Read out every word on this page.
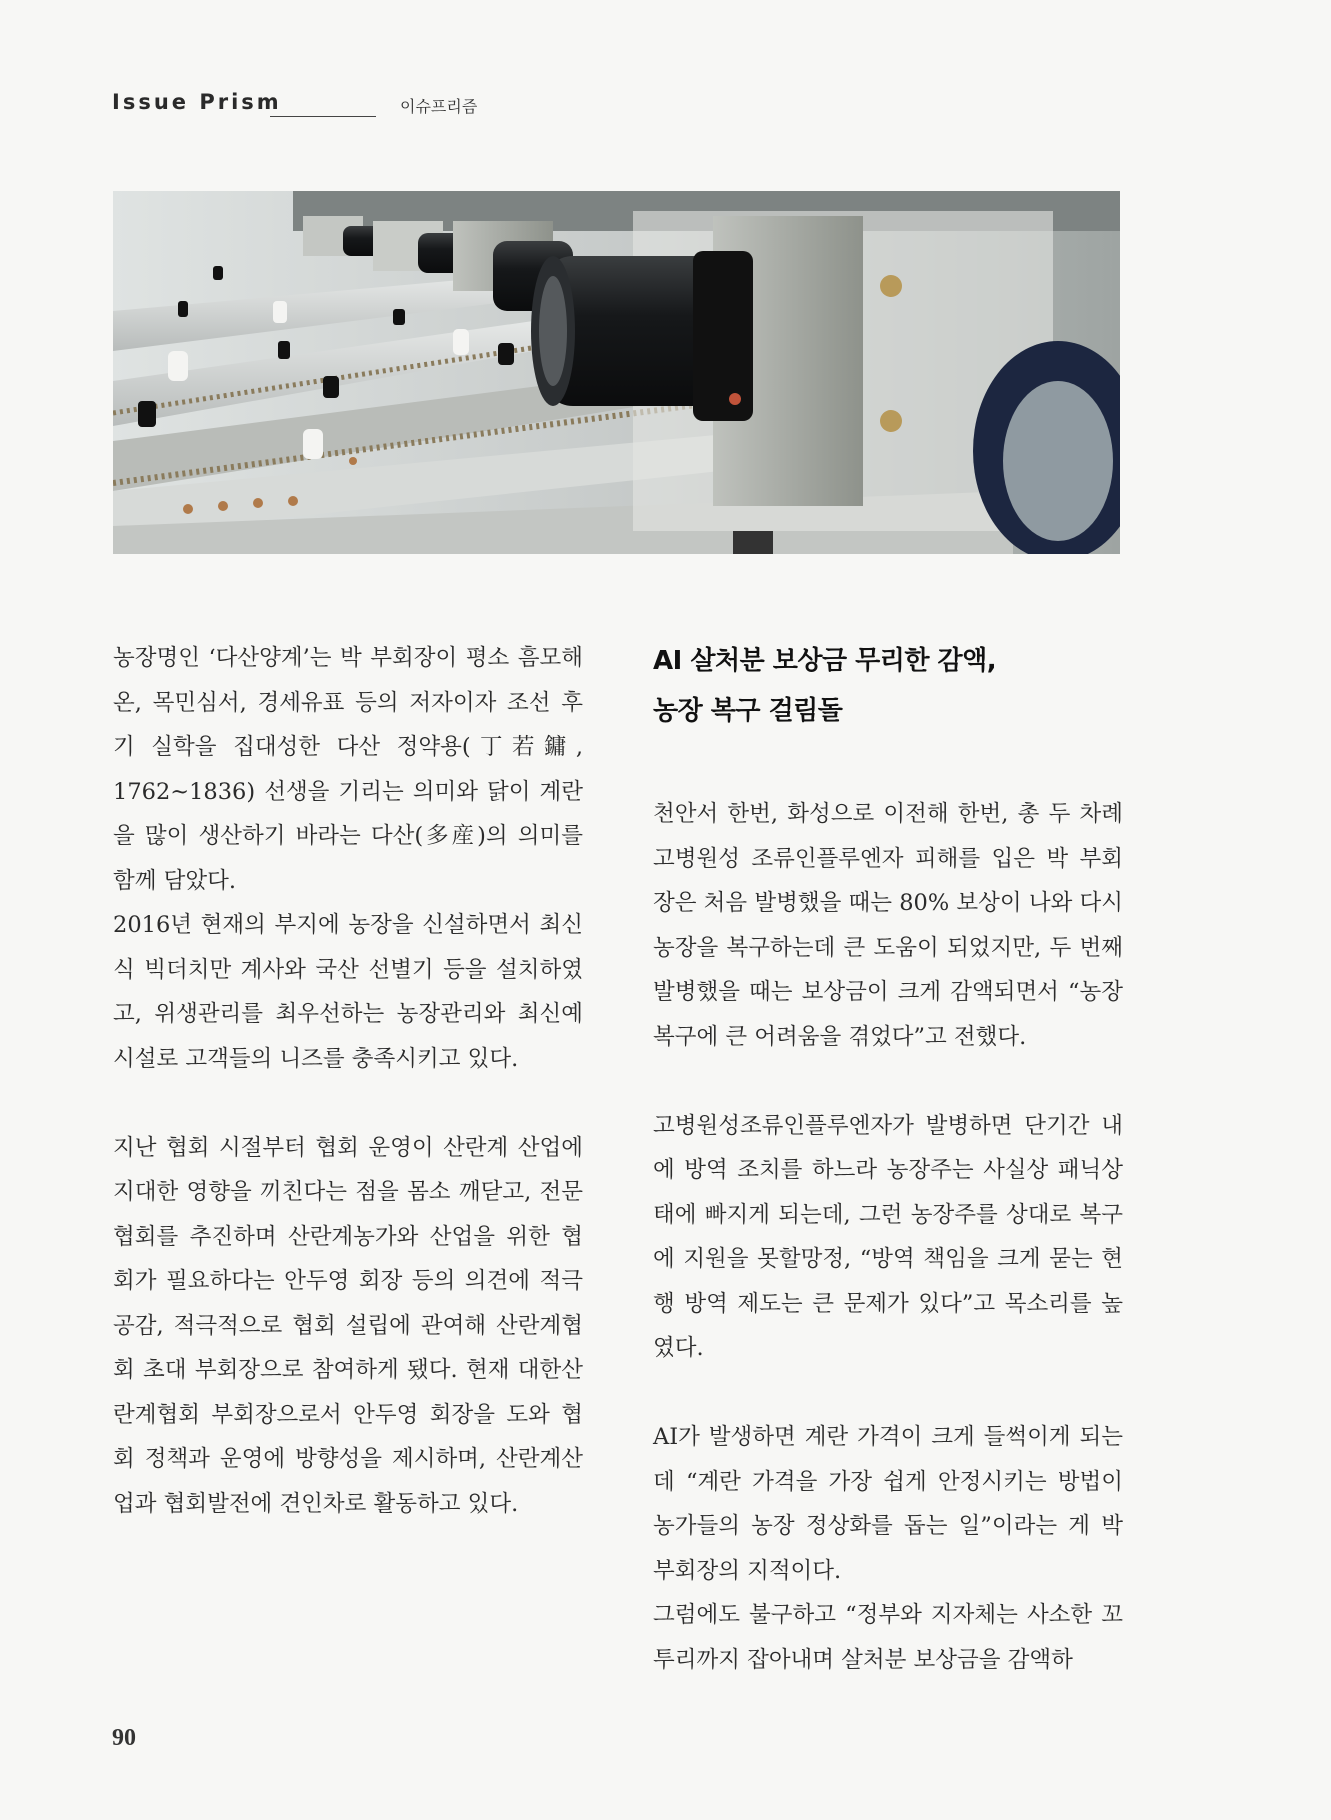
Issue Prism	이슈프리즘

농장명인 ‘다산양계’는 박 부회장이 평소 흠모해 온, 목민심서, 경세유표 등의 저자이자 조선 후기 실학을 집대성한 다산 정약용(丁若鏞, 1762~1836) 선생을 기리는 의미와 닭이 계란을 많이 생산하기 바라는 다산(多産)의 의미를 함께 담았다.

2016년 현재의 부지에 농장을 신설하면서 최신식 빅더치만 계사와 국산 선별기 등을 설치하였고, 위생관리를 최우선하는 농장관리와 최신예 시설로 고객들의 니즈를 충족시키고 있다.

지난 협회 시절부터 협회 운영이 산란계 산업에 지대한 영향을 끼친다는 점을 몸소 깨닫고, 전문협회를 추진하며 산란계농가와 산업을 위한 협회가 필요하다는 안두영 회장 등의 의견에 적극 공감, 적극적으로 협회 설립에 관여해 산란계협회 초대 부회장으로 참여하게 됐다. 현재 대한산란계협회 부회장으로서 안두영 회장을 도와 협회 정책과 운영에 방향성을 제시하며, 산란계산업과 협회발전에 견인차로 활동하고 있다.

AI 살처분 보상금 무리한 감액,
농장 복구 걸림돌

천안서 한번, 화성으로 이전해 한번, 총 두 차례 고병원성 조류인플루엔자 피해를 입은 박 부회장은 처음 발병했을 때는 80% 보상이 나와 다시 농장을 복구하는데 큰 도움이 되었지만, 두 번째 발병했을 때는 보상금이 크게 감액되면서 “농장 복구에 큰 어려움을 겪었다”고 전했다.

고병원성조류인플루엔자가 발병하면 단기간 내에 방역 조치를 하느라 농장주는 사실상 패닉상태에 빠지게 되는데, 그런 농장주를 상대로 복구에 지원을 못할망정, “방역 책임을 크게 묻는 현행 방역 제도는 큰 문제가 있다”고 목소리를 높였다.

AI가 발생하면 계란 가격이 크게 들썩이게 되는데 “계란 가격을 가장 쉽게 안정시키는 방법이 농가들의 농장 정상화를 돕는 일”이라는 게 박 부회장의 지적이다.

그럼에도 불구하고 “정부와 지자체는 사소한 꼬투리까지 잡아내며 살처분 보상금을 감액하

90
